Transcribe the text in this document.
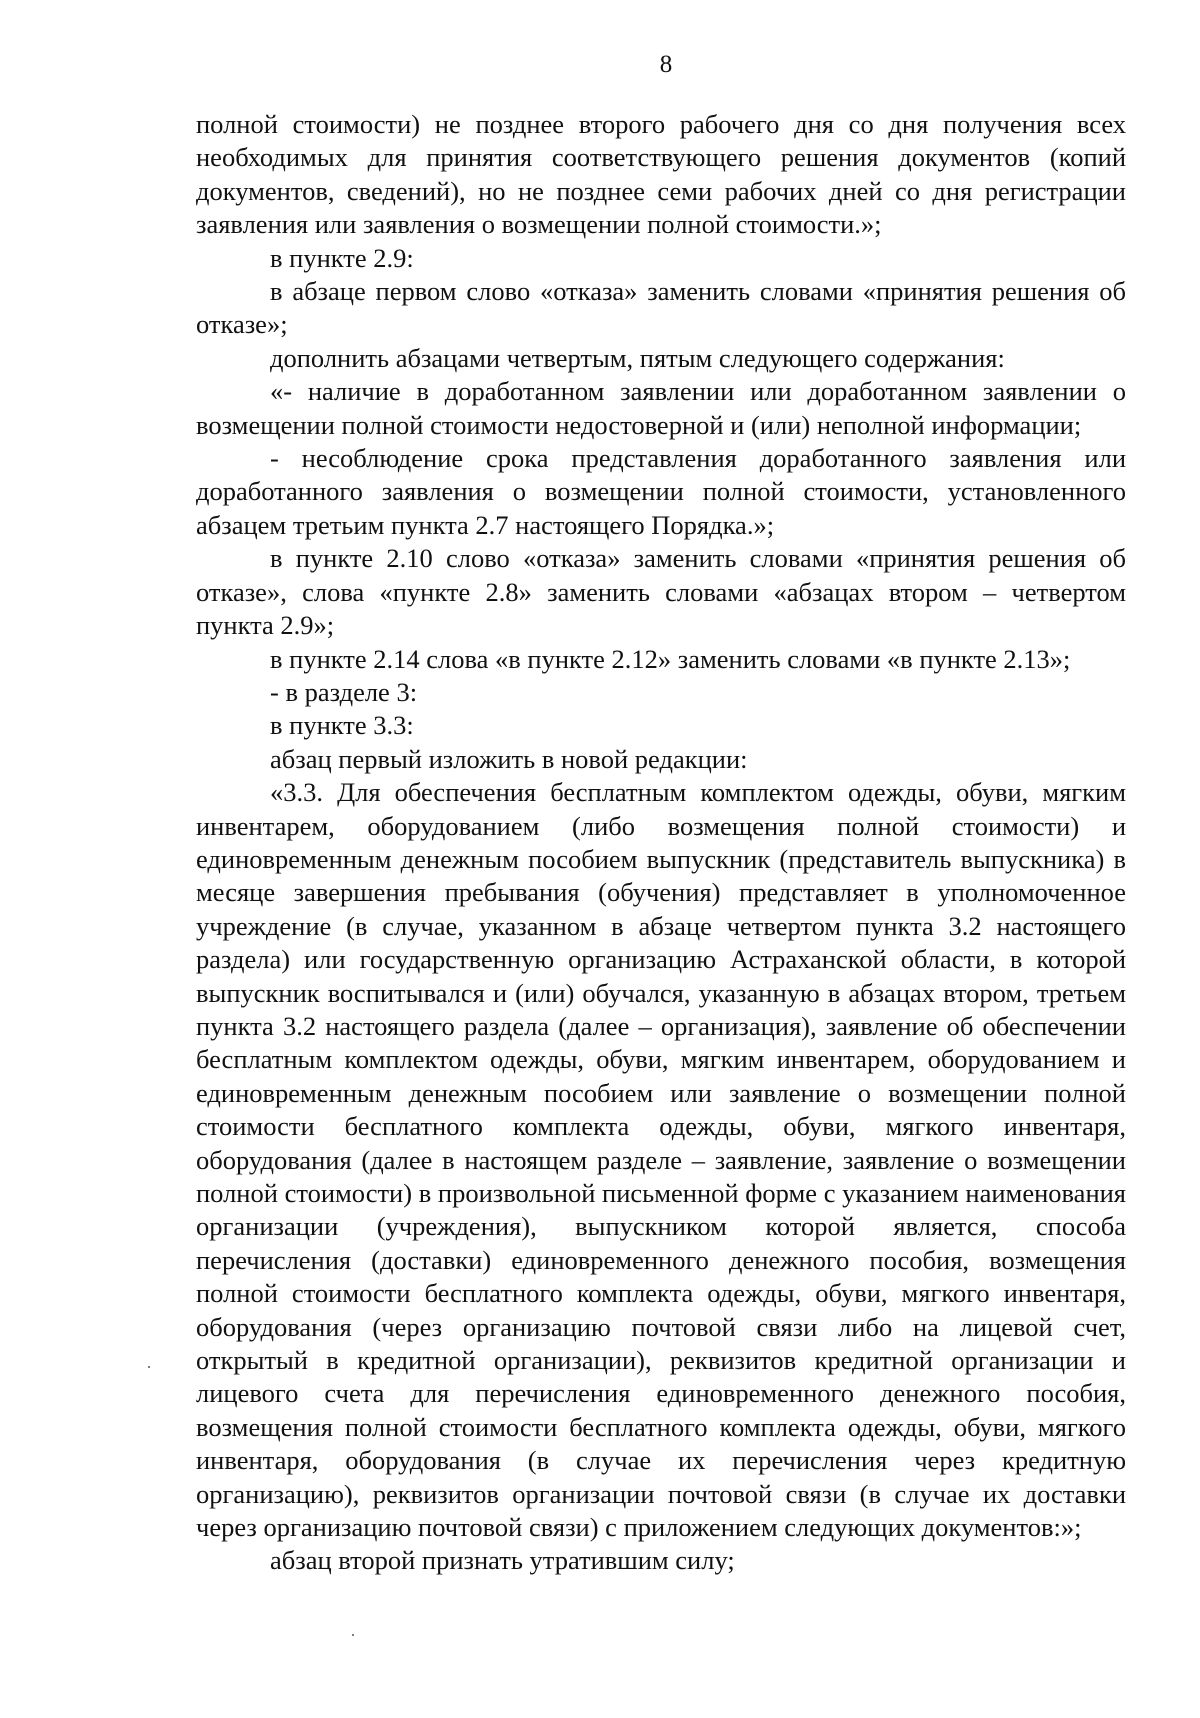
8

полной стоимости) не позднее второго рабочего дня со дня получения всех необходимых для принятия соответствующего решения документов (копий документов, сведений), но не позднее семи рабочих дней со дня регистрации заявления или заявления о возмещении полной стоимости.»;

в пункте 2.9:

в абзаце первом слово «отказа» заменить словами «принятия решения об отказе»;

дополнить абзацами четвертым, пятым следующего содержания:

«- наличие в доработанном заявлении или доработанном заявлении о возмещении полной стоимости недостоверной и (или) неполной информации;

- несоблюдение срока представления доработанного заявления или доработанного заявления о возмещении полной стоимости, установленного абзацем третьим пункта 2.7 настоящего Порядка.»;

в пункте 2.10 слово «отказа» заменить словами «принятия решения об отказе», слова «пункте 2.8» заменить словами «абзацах втором – четвертом пункта 2.9»;

в пункте 2.14 слова «в пункте 2.12» заменить словами «в пункте 2.13»;

- в разделе 3:

в пункте 3.3:

абзац первый изложить в новой редакции:

«3.3. Для обеспечения бесплатным комплектом одежды, обуви, мягким инвентарем, оборудованием (либо возмещения полной стоимости) и единовременным денежным пособием выпускник (представитель выпускника) в месяце завершения пребывания (обучения) представляет в уполномоченное учреждение (в случае, указанном в абзаце четвертом пункта 3.2 настоящего раздела) или государственную организацию Астраханской области, в которой выпускник воспитывался и (или) обучался, указанную в абзацах втором, третьем пункта 3.2 настоящего раздела (далее – организация), заявление об обеспечении бесплатным комплектом одежды, обуви, мягким инвентарем, оборудованием и единовременным денежным пособием или заявление о возмещении полной стоимости бесплатного комплекта одежды, обуви, мягкого инвентаря, оборудования (далее в настоящем разделе – заявление, заявление о возмещении полной стоимости) в произвольной письменной форме с указанием наименования организации (учреждения), выпускником которой является, способа перечисления (доставки) единовременного денежного пособия, возмещения полной стоимости бесплатного комплекта одежды, обуви, мягкого инвентаря, оборудования (через организацию почтовой связи либо на лицевой счет, открытый в кредитной организации), реквизитов кредитной организации и лицевого счета для перечисления единовременного денежного пособия, возмещения полной стоимости бесплатного комплекта одежды, обуви, мягкого инвентаря, оборудования (в случае их перечисления через кредитную организацию), реквизитов организации почтовой связи (в случае их доставки через организацию почтовой связи) с приложением следующих документов:»;

абзац второй признать утратившим силу;
